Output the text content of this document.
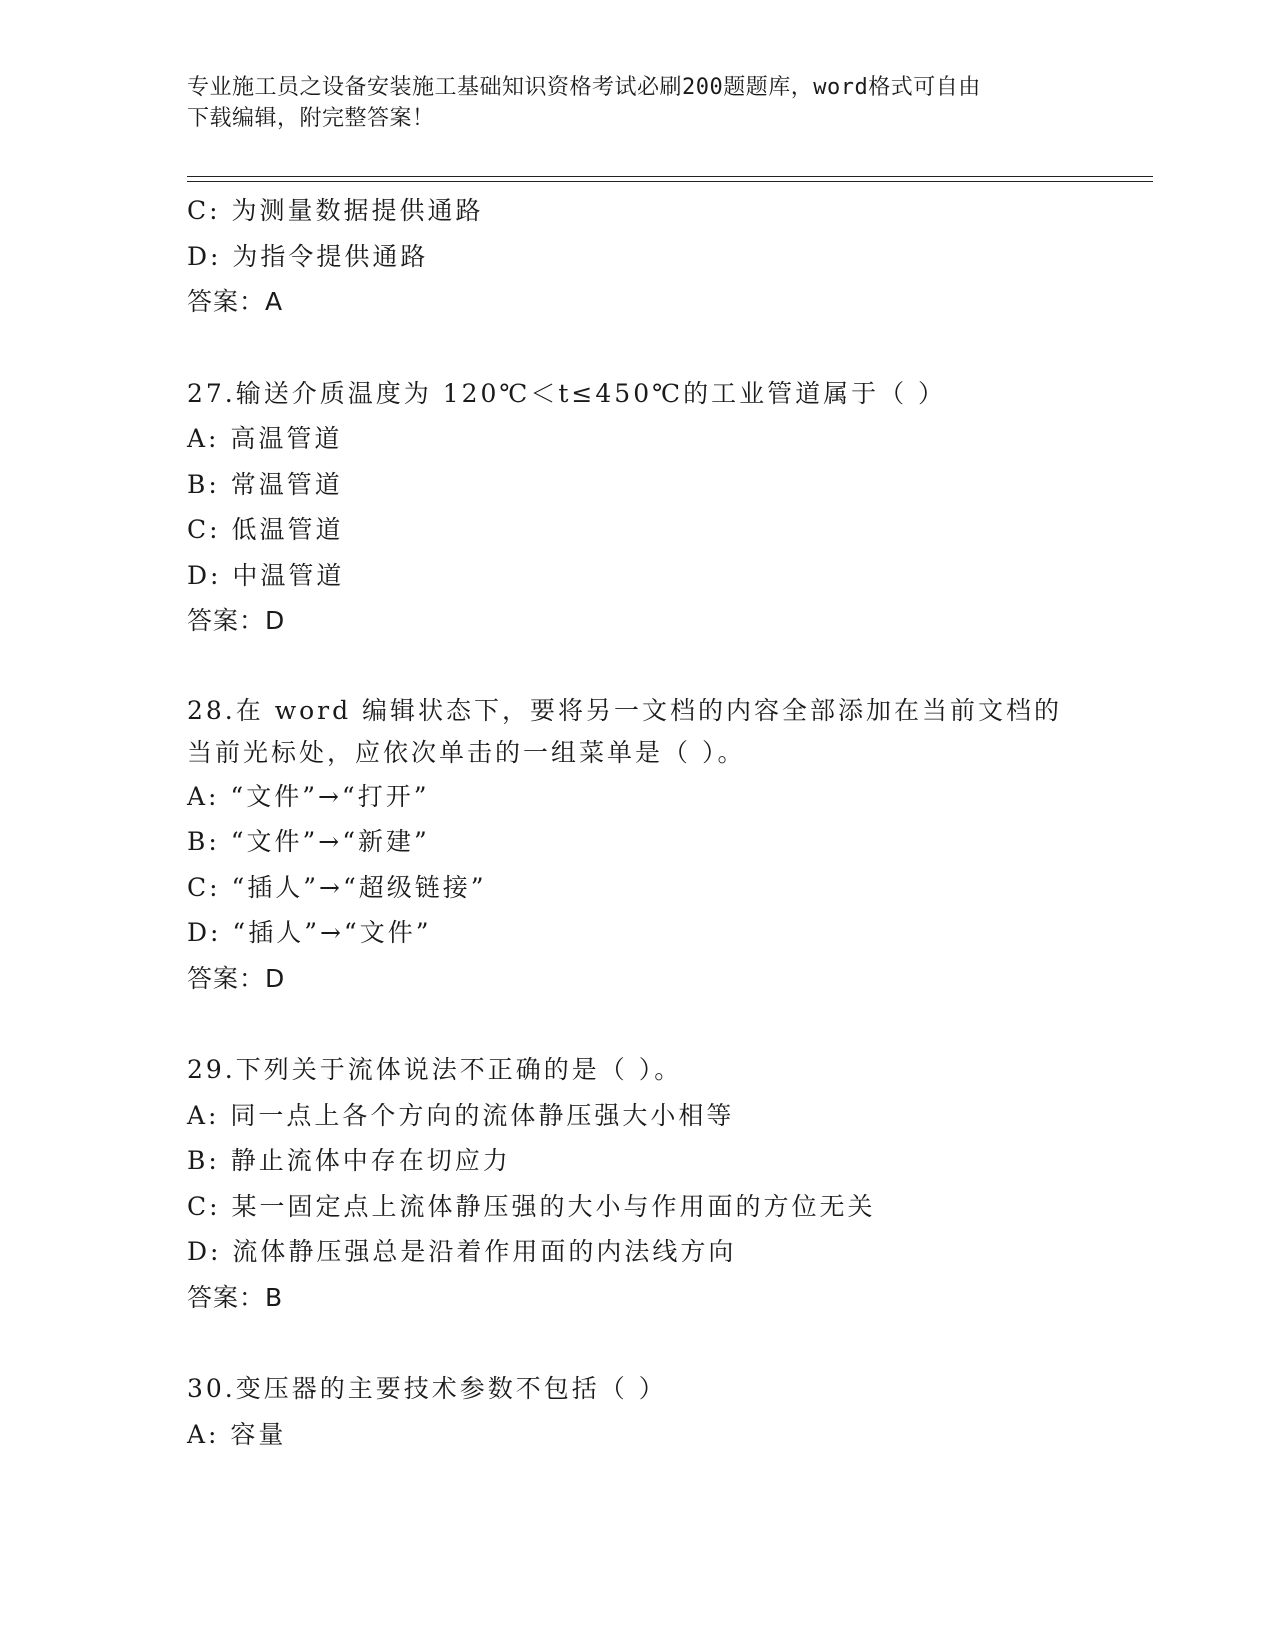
专业施工员之设备安装施工基础知识资格考试必刷200题题库，word格式可自由
下载编辑，附完整答案！
C: 为测量数据提供通路
D: 为指令提供通路
答案：A
27.输送介质温度为 120℃＜t≤450℃的工业管道属于（ ）
A: 高温管道
B: 常温管道
C: 低温管道
D: 中温管道
答案：D
28.在 word 编辑状态下，要将另一文档的内容全部添加在当前文档的
当前光标处，应依次单击的一组菜单是（ ）。
A: “文件”→“打开”
B: “文件”→“新建”
C: “插人”→“超级链接”
D: “插人”→“文件”
答案：D
29.下列关于流体说法不正确的是（ ）。
A: 同一点上各个方向的流体静压强大小相等
B: 静止流体中存在切应力
C: 某一固定点上流体静压强的大小与作用面的方位无关
D: 流体静压强总是沿着作用面的内法线方向
答案：B
30.变压器的主要技术参数不包括（ ）
A: 容量
